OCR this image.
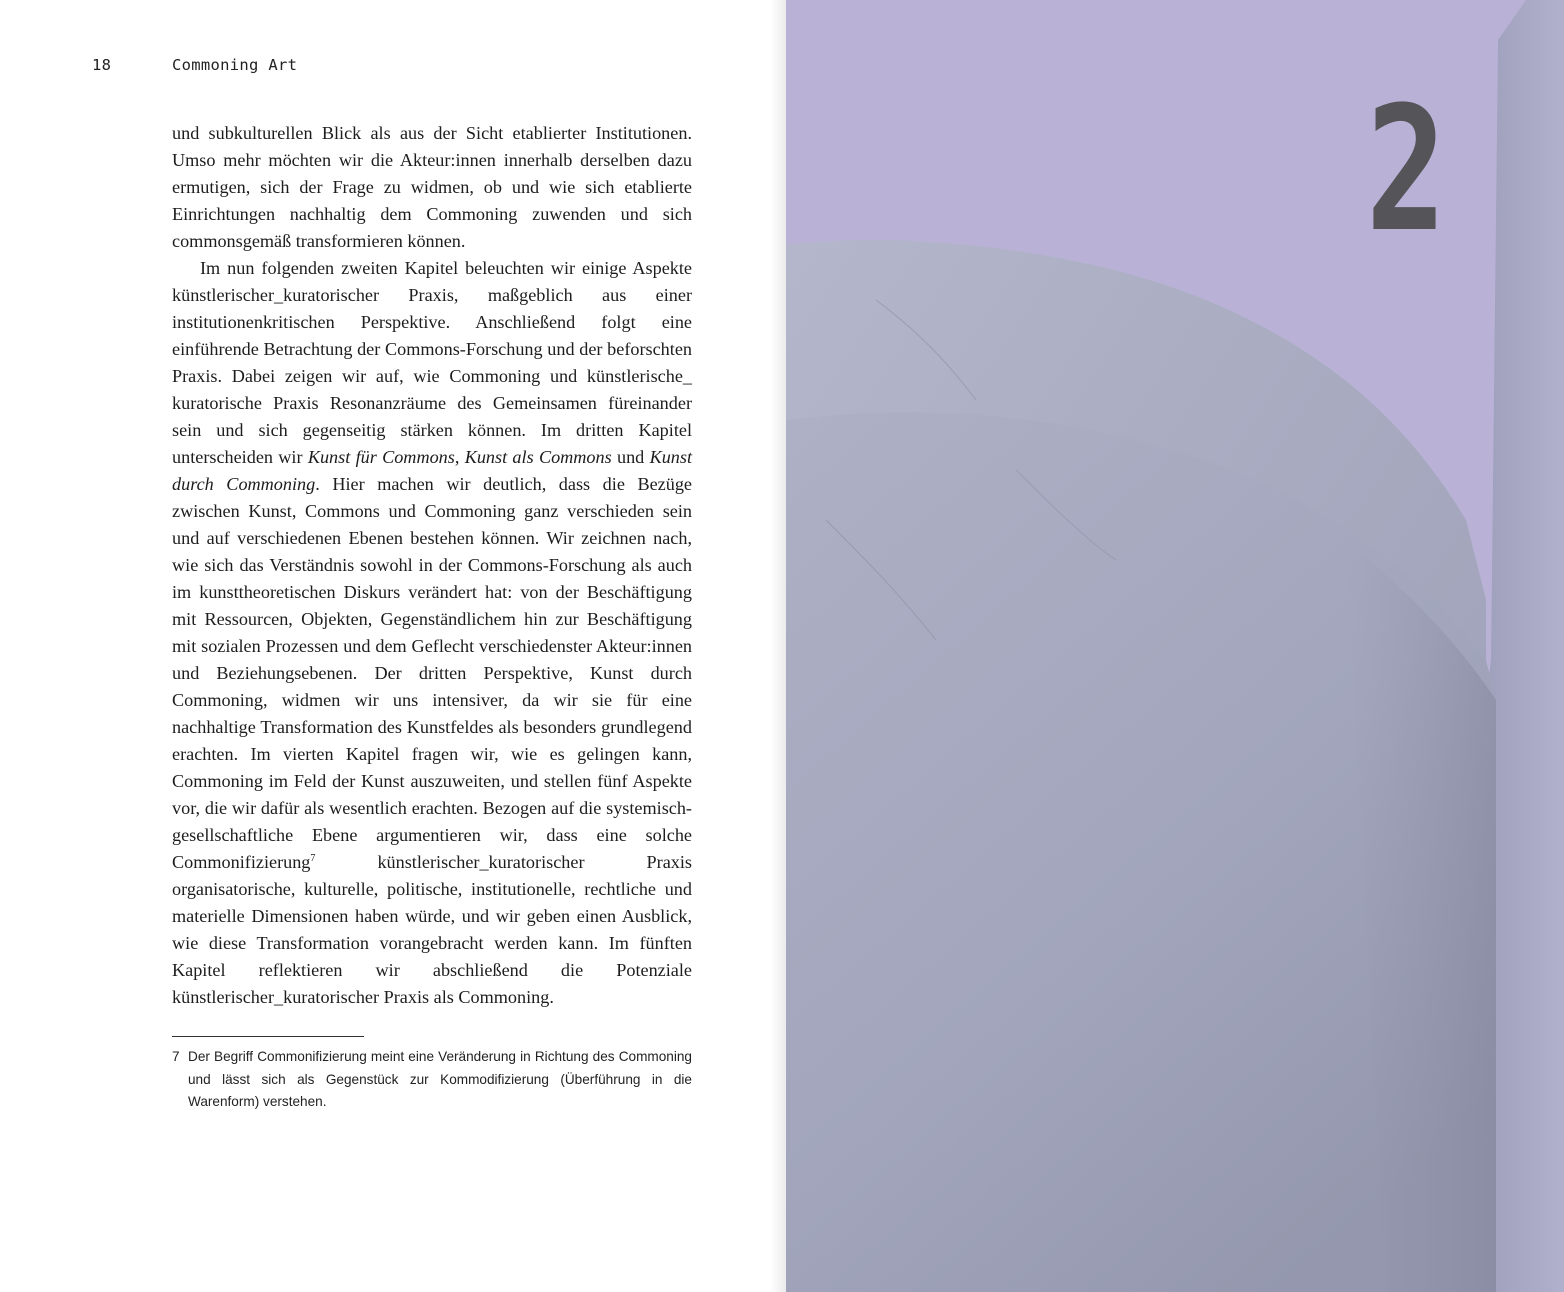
18	Commoning Art

und subkulturellen Blick als aus der Sicht etablierter Institutionen. Umso mehr möchten wir die Akteur:innen innerhalb derselben dazu ermutigen, sich der Frage zu widmen, ob und wie sich etablierte Einrichtungen nachhaltig dem Commoning zuwenden und sich commonsgemäß transformieren können.

Im nun folgenden zweiten Kapitel beleuchten wir einige Aspekte künstlerischer_kuratorischer Praxis, maßgeblich aus einer institutionenkritischen Perspektive. Anschließend folgt eine einführende Betrachtung der Commons-Forschung und der beforschten Praxis. Dabei zeigen wir auf, wie Commoning und künstlerische_ kuratorische Praxis Resonanzräume des Gemeinsamen füreinander sein und sich gegenseitig stärken können. Im dritten Kapitel unterscheiden wir Kunst für Commons, Kunst als Commons und Kunst durch Commoning. Hier machen wir deutlich, dass die Bezüge zwischen Kunst, Commons und Commoning ganz verschieden sein und auf verschiedenen Ebenen bestehen können. Wir zeichnen nach, wie sich das Verständnis sowohl in der Commons-Forschung als auch im kunsttheoretischen Diskurs verändert hat: von der Beschäftigung mit Ressourcen, Objekten, Gegenständlichem hin zur Beschäftigung mit sozialen Prozessen und dem Geflecht verschiedenster Akteur:innen und Beziehungsebenen. Der dritten Perspektive, Kunst durch Commoning, widmen wir uns intensiver, da wir sie für eine nachhaltige Transformation des Kunstfeldes als besonders grundlegend erachten. Im vierten Kapitel fragen wir, wie es gelingen kann, Commoning im Feld der Kunst auszuweiten, und stellen fünf Aspekte vor, die wir dafür als wesentlich erachten. Bezogen auf die systemisch-gesellschaftliche Ebene argumentieren wir, dass eine solche Commonifizierung$^7$ künstlerischer_kuratorischer Praxis organisatorische, kulturelle, politische, institutionelle, rechtliche und materielle Dimensionen haben würde, und wir geben einen Ausblick, wie diese Transformation vorangebracht werden kann. Im fünften Kapitel reflektieren wir abschließend die Potenziale künstlerischer_kuratorischer Praxis als Commoning.

7 Der Begriff Commonifizierung meint eine Veränderung in Richtung des Commoning und lässt sich als Gegenstück zur Kommodifizierung (Überführung in die Warenform) verstehen.
2
